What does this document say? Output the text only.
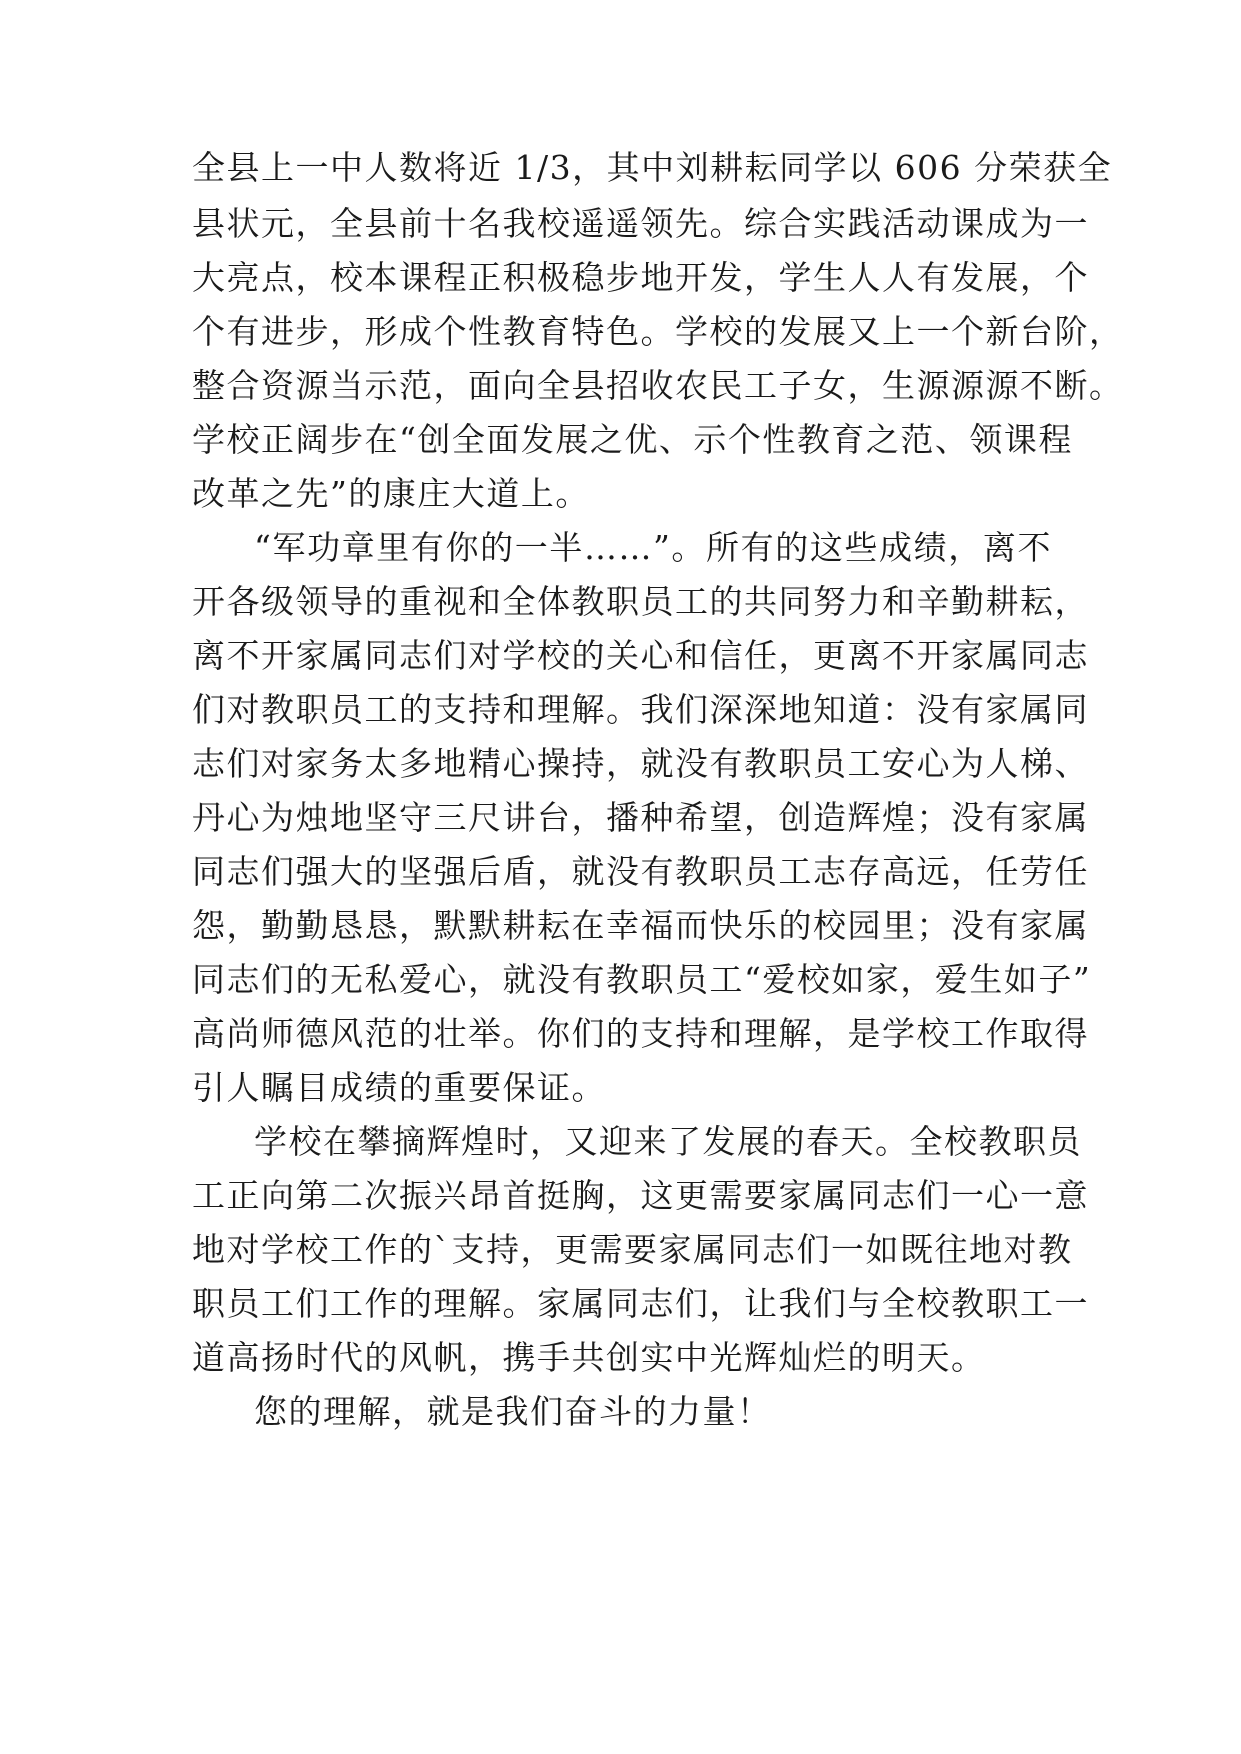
全县上一中人数将近 1/3，其中刘耕耘同学以 606 分荣获全
县状元，全县前十名我校遥遥领先。综合实践活动课成为一
大亮点，校本课程正积极稳步地开发，学生人人有发展，个
个有进步，形成个性教育特色。学校的发展又上一个新台阶，
整合资源当示范，面向全县招收农民工子女，生源源源不断。
学校正阔步在“创全面发展之优、示个性教育之范、领课程
改革之先”的康庄大道上。
“军功章里有你的一半……”。所有的这些成绩，离不
开各级领导的重视和全体教职员工的共同努力和辛勤耕耘，
离不开家属同志们对学校的关心和信任，更离不开家属同志
们对教职员工的支持和理解。我们深深地知道：没有家属同
志们对家务太多地精心操持，就没有教职员工安心为人梯、
丹心为烛地坚守三尺讲台，播种希望，创造辉煌；没有家属
同志们强大的坚强后盾，就没有教职员工志存高远，任劳任
怨，勤勤恳恳，默默耕耘在幸福而快乐的校园里；没有家属
同志们的无私爱心，就没有教职员工“爱校如家，爱生如子”
高尚师德风范的壮举。你们的支持和理解，是学校工作取得
引人瞩目成绩的重要保证。
学校在攀摘辉煌时，又迎来了发展的春天。全校教职员
工正向第二次振兴昂首挺胸，这更需要家属同志们一心一意
地对学校工作的`支持，更需要家属同志们一如既往地对教
职员工们工作的理解。家属同志们，让我们与全校教职工一
道高扬时代的风帆，携手共创实中光辉灿烂的明天。
您的理解，就是我们奋斗的力量！
